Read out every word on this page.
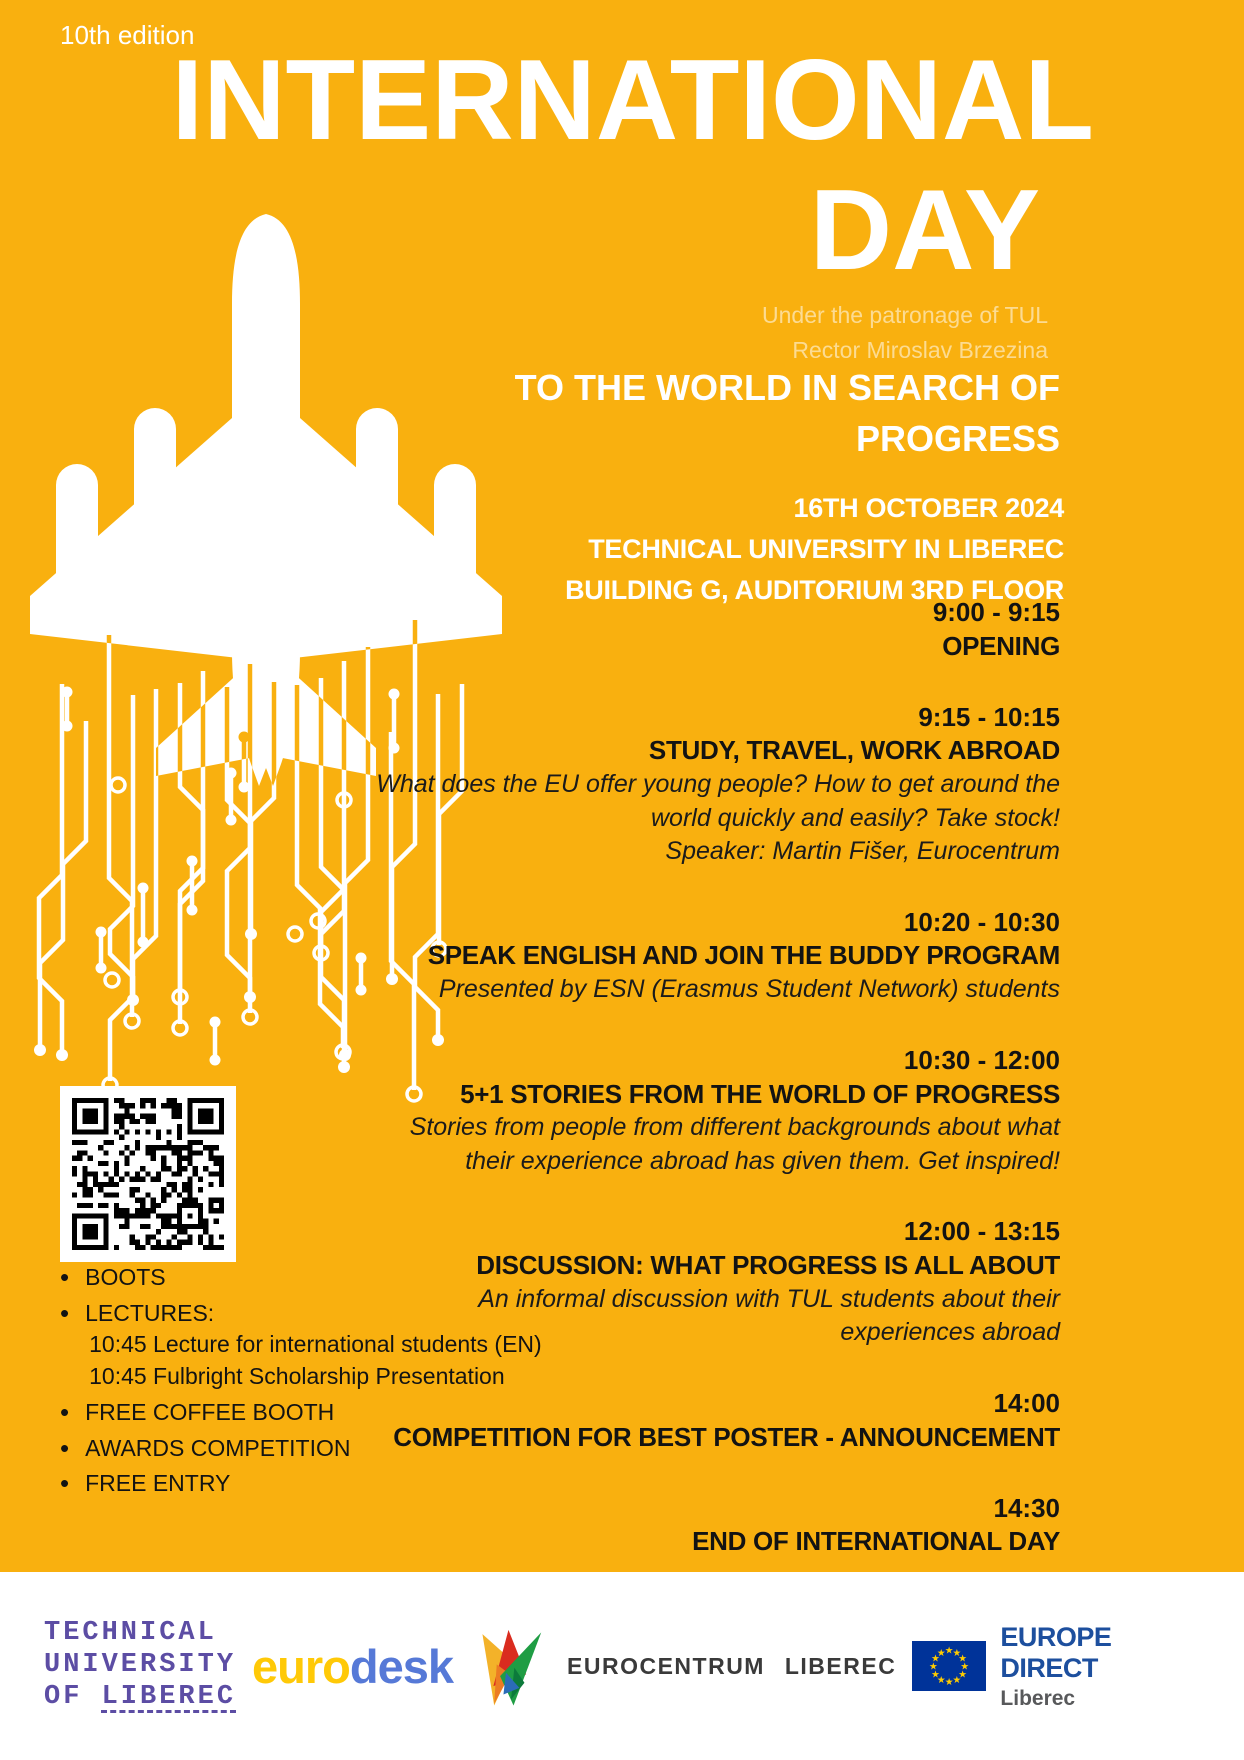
10th edition
INTERNATIONAL
DAY
Under the patronage of TUL
Rector Miroslav Brzezina
TO THE WORLD IN SEARCH OF
PROGRESS
16TH OCTOBER 2024
TECHNICAL UNIVERSITY IN LIBEREC
BUILDING G, AUDITORIUM 3RD FLOOR
• BOOTS
• LECTURES:
10:45 Lecture for international students (EN)
10:45 Fulbright Scholarship Presentation
• FREE COFFEE BOOTH
• AWARDS COMPETITION
• FREE ENTRY
TECHNICAL
UNIVERSITY
OF LIBEREC
eurodesk	EUROCENTRUM LIBEREC
★ ★
★
★
★
★
★
★
★
★
★
★
EUROPE DIRECT
Liberec
9:00 - 9:15
OPENING
9:15 - 10:15
STUDY, TRAVEL, WORK ABROAD
What does the EU offer young people? How to get around the
world quickly and easily? Take stock!
Speaker: Martin Fišer, Eurocentrum
10:20 - 10:30
SPEAK ENGLISH AND JOIN THE BUDDY PROGRAM
Presented by ESN (Erasmus Student Network) students
10:30 - 12:00
5+1 STORIES FROM THE WORLD OF PROGRESS
Stories from people from different backgrounds about what
their experience abroad has given them. Get inspired!
12:00 - 13:15
DISCUSSION: WHAT PROGRESS IS ALL ABOUT
An informal discussion with TUL students about their
experiences abroad
14:00
COMPETITION FOR BEST POSTER - ANNOUNCEMENT
14:30
END OF INTERNATIONAL DAY
